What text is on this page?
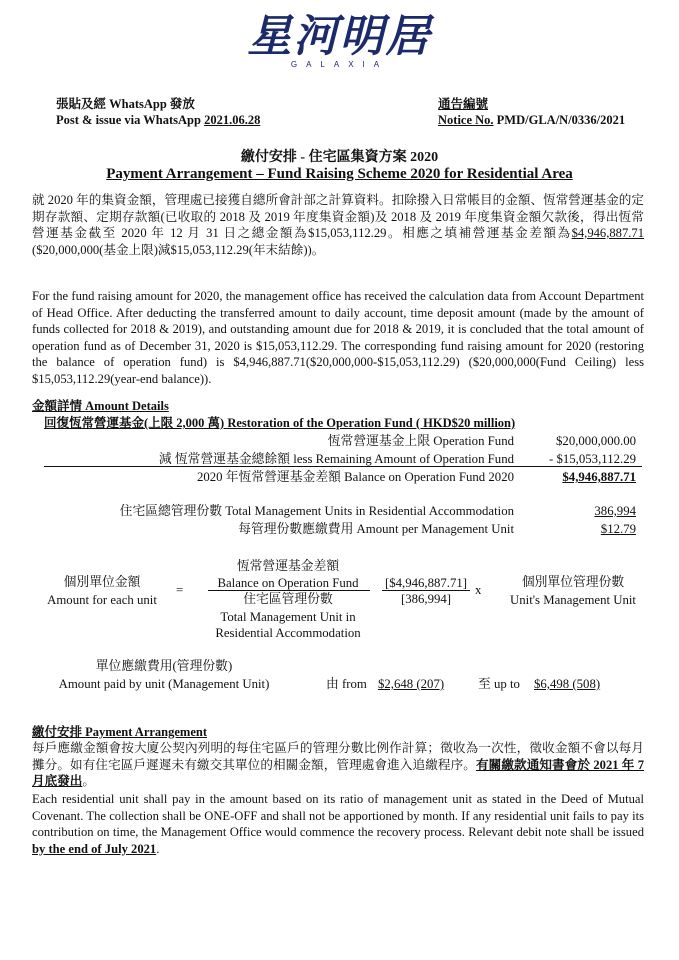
星河明居
GALAXIA
張貼及經 WhatsApp 發放
Post & issue via WhatsApp 2021.06.28
通告編號
Notice No. PMD/GLA/N/0336/2021
繳付安排 - 住宅區集資方案 2020
Payment Arrangement – Fund Raising Scheme 2020 for Residential Area
就 2020 年的集資金額，管理處已接獲自總所會計部之計算資料。扣除撥入日常帳目的金額、恆常營運基金的定期存款額、定期存款額(已收取的 2018 及 2019 年度集資金額)及 2018 及 2019 年度集資金額欠款後，得出恆常營運基金截至 2020 年 12 月 31 日之總金額為$15,053,112.29。相應之填補營運基金差額為$4,946,887.71 ($20,000,000(基金上限)減$15,053,112.29(年末結餘))。
For the fund raising amount for 2020, the management office has received the calculation data from Account Department of Head Office. After deducting the transferred amount to daily account, time deposit amount (made by the amount of funds collected for 2018 & 2019), and outstanding amount due for 2018 & 2019, it is concluded that the total amount of operation fund as of December 31, 2020 is $15,053,112.29. The corresponding fund raising amount for 2020 (restoring the balance of operation fund) is $4,946,887.71($20,000,000-$15,053,112.29) ($20,000,000(Fund Ceiling) less $15,053,112.29(year-end balance)).
金額詳情 Amount Details
回復恆常營運基金(上限 2,000 萬) Restoration of the Operation Fund ( HKD$20 million)
恆常營運基金上限 Operation Fund	$20,000,000.00
減 恆常營運基金總餘額 less Remaining Amount of Operation Fund	- $15,053,112.29
2020 年恆常營運基金差額 Balance on Operation Fund 2020	$4,946,887.71
住宅區總管理份數 Total Management Units in Residential Accommodation	386,994
每管理份數應繳費用 Amount per Management Unit	$12.79
個別單位金額
Amount for each unit
=
恆常營運基金差額
Balance on Operation Fund
住宅區管理份數
Total Management Unit in
Residential Accommodation
[$4,946,887.71]
[386,994]
x
個別單位管理份數
Unit's Management Unit
單位應繳費用(管理份數)
Amount paid by unit (Management Unit)	由 from $2,648 (207)	至 up to $6,498 (508)
繳付安排 Payment Arrangement
每戶應繳金額會按大廈公契內列明的每住宅區戶的管理分數比例作計算；徵收為一次性，徵收金額不會以每月攤分。如有住宅區戶遲遲未有繳交其單位的相關金額，管理處會進入追繳程序。有關繳款通知書會於 2021 年 7 月底發出。
Each residential unit shall pay in the amount based on its ratio of management unit as stated in the Deed of Mutual Covenant. The collection shall be ONE-OFF and shall not be apportioned by month. If any residential unit fails to pay its contribution on time, the Management Office would commence the recovery process. Relevant debit note shall be issued by the end of July 2021.
